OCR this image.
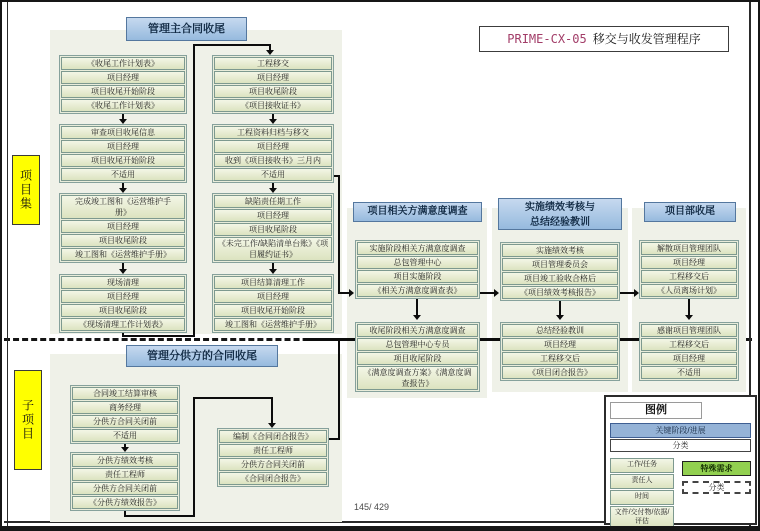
PRIME-CX-05 移交与收发管理程序
项目集
子项目
管理主合同收尾
项目相关方满意度调查	实施绩效考核与
总结经验教训
项目部收尾
管理分供方的合同收尾
《收尾工作计划表》
项目经理
项目收尾开始阶段
《收尾工作计划表》
审查项目收尾信息
项目经理
项目收尾开始阶段
不适用
完成竣工图和《运营维护手册》
项目经理
项目收尾阶段
竣工图和《运营维护手册》
现场清理
项目经理
项目收尾阶段
《现场清理工作计划表》
工程移交
项目经理
项目收尾阶段
《项目接收证书》
工程资料归档与移交
项目经理
收到《项目接收书》三月内
不适用
缺陷责任期工作
项目经理
项目收尾阶段
《未完工作/缺陷清单台账》《项目履约证书》
项目结算清理工作
项目经理
项目收尾开始阶段
竣工图和《运营维护手册》
实施阶段相关方满意度调查
总包管理中心
项目实施阶段
《相关方满意度调查表》
收尾阶段相关方满意度调查
总包管理中心专员
项目收尾阶段
《满意度调查方案》《满意度调查报告》
实施绩效考核
项目管理委员会
项目竣工验收合格后
《项目绩效考核报告》
总结经验教训
项目经理
工程移交后
《项目闭合报告》
解散项目管理团队
项目经理
工程移交后
《人员离场计划》
感谢项目管理团队
工程移交后
项目经理
不适用
合同竣工结算审核
商务经理
分供方合同关闭前
不适用
分供方绩效考核
责任工程师
分供方合同关闭前
《分供方绩效报告》
编制《合同闭合报告》
责任工程师
分供方合同关闭前
《合同闭合报告》
图例
关键阶段/进展
分类
工作/任务
责任人
时间
文件/交付物/依据/评估
特殊需求
分类
145/ 429
